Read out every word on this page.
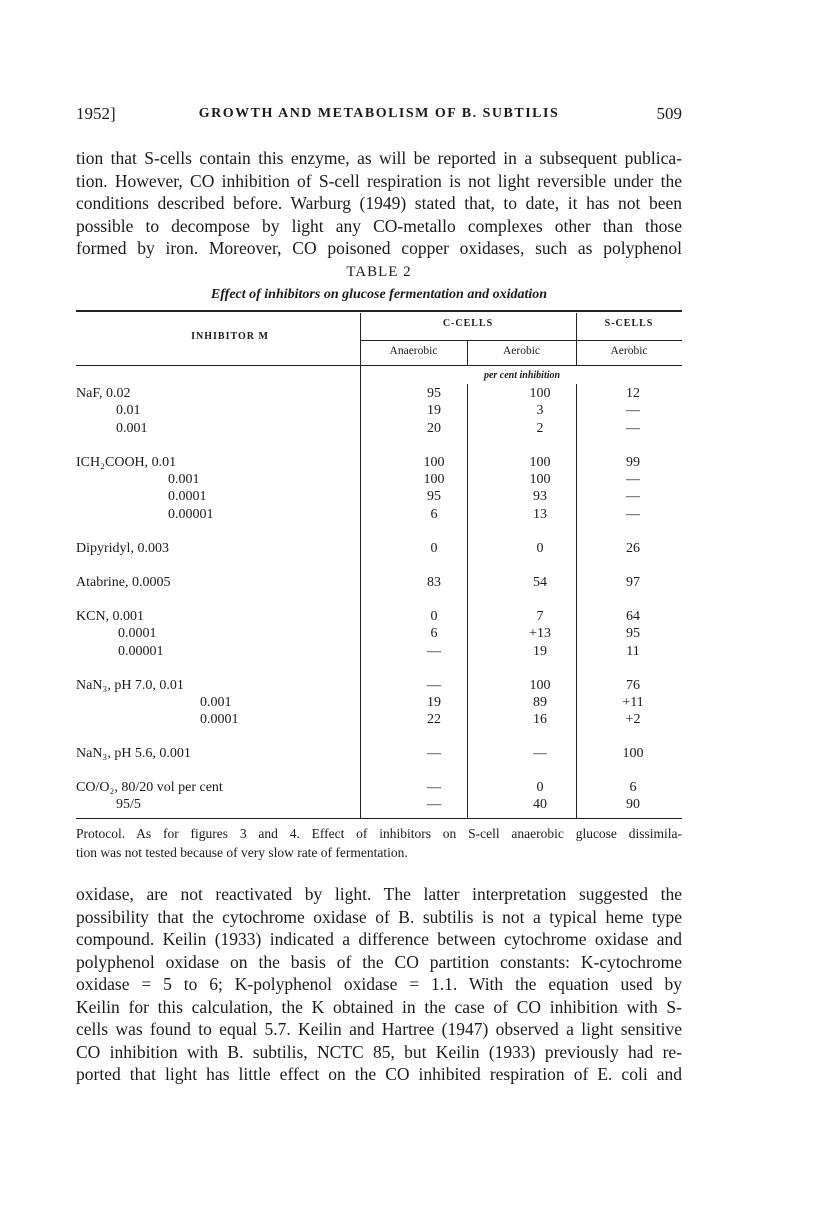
1952]	GROWTH AND METABOLISM OF B. SUBTILIS	509
tion that S-cells contain this enzyme, as will be reported in a subsequent publica-
tion. However, CO inhibition of S-cell respiration is not light reversible under the
conditions described before. Warburg (1949) stated that, to date, it has not been
possible to decompose by light any CO-metallo complexes other than those
formed by iron. Moreover, CO poisoned copper oxidases, such as polyphenol
TABLE 2
Effect of inhibitors on glucose fermentation and oxidation
INHIBITOR M
C-CELLS	S-CELLS
Anaerobic	Aerobic	Aerobic
per cent inhibition
NaF, 0.02	95	100	12
0.01	19	3	—
0.001	20	2	—
ICH₂COOH, 0.01	100	100	99
0.001	100	100	—
0.0001	95	93	—
0.00001	6	13	—
Dipyridyl, 0.003	0	0	26
Atabrine, 0.0005	83	54	97
KCN, 0.001	0	7	64
0.0001	6	+13	95
0.00001	—	19	11
NaN₃, pH 7.0, 0.01	—	100	76
0.001	19	89	+11
0.0001	22	16	+2
NaN₃, pH 5.6, 0.001	—	—	100
CO/O₂, 80/20 vol per cent	—	0	6
95/5	—	40	90
Protocol. As for figures 3 and 4. Effect of inhibitors on S-cell anaerobic glucose dissimila-
tion was not tested because of very slow rate of fermentation.
oxidase, are not reactivated by light. The latter interpretation suggested the
possibility that the cytochrome oxidase of B. subtilis is not a typical heme type
compound. Keilin (1933) indicated a difference between cytochrome oxidase and
polyphenol oxidase on the basis of the CO partition constants: K-cytochrome
oxidase = 5 to 6; K-polyphenol oxidase = 1.1. With the equation used by
Keilin for this calculation, the K obtained in the case of CO inhibition with S-
cells was found to equal 5.7. Keilin and Hartree (1947) observed a light sensitive
CO inhibition with B. subtilis, NCTC 85, but Keilin (1933) previously had re-
ported that light has little effect on the CO inhibited respiration of E. coli and
